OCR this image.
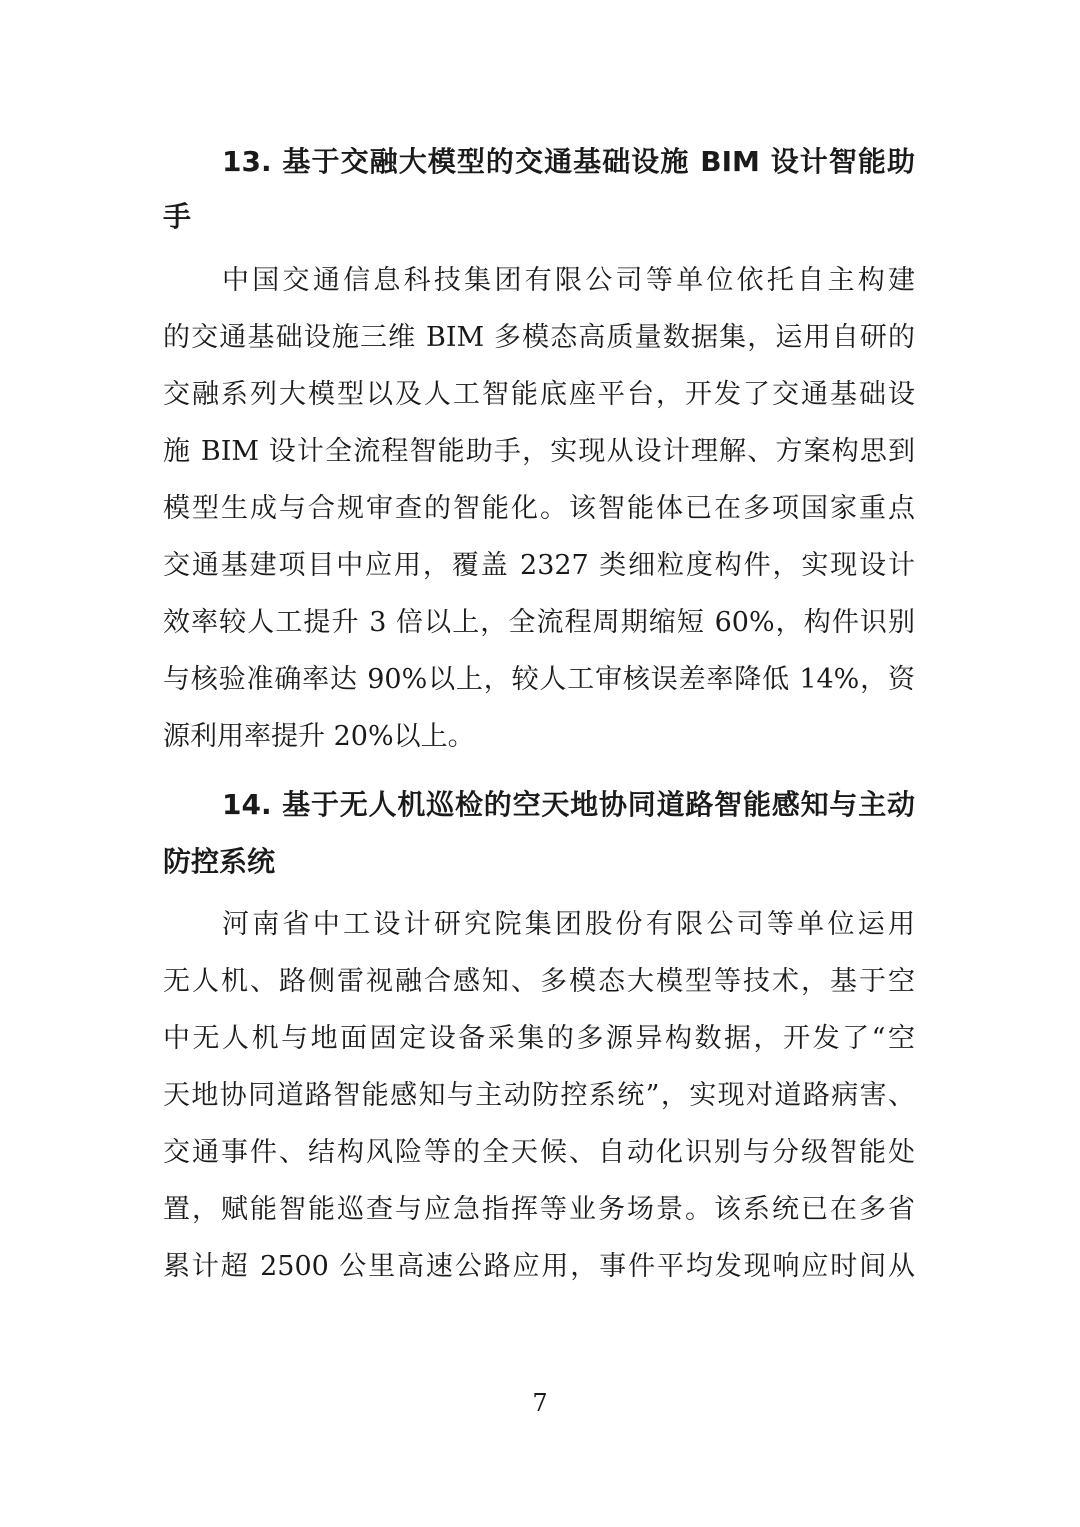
13. 基于交融大模型的交通基础设施 BIM 设计智能助
手
中国交通信息科技集团有限公司等单位依托自主构建
的交通基础设施三维 BIM 多模态高质量数据集，运用自研的
交融系列大模型以及人工智能底座平台，开发了交通基础设
施 BIM 设计全流程智能助手，实现从设计理解、方案构思到
模型生成与合规审查的智能化。该智能体已在多项国家重点
交通基建项目中应用，覆盖 2327 类细粒度构件，实现设计
效率较人工提升 3 倍以上，全流程周期缩短 60%，构件识别
与核验准确率达 90%以上，较人工审核误差率降低 14%，资
源利用率提升 20%以上。
14. 基于无人机巡检的空天地协同道路智能感知与主动
防控系统
河南省中工设计研究院集团股份有限公司等单位运用
无人机、路侧雷视融合感知、多模态大模型等技术，基于空
中无人机与地面固定设备采集的多源异构数据，开发了“空
天地协同道路智能感知与主动防控系统”，实现对道路病害、
交通事件、结构风险等的全天候、自动化识别与分级智能处
置，赋能智能巡查与应急指挥等业务场景。该系统已在多省
累计超 2500 公里高速公路应用，事件平均发现响应时间从
7
